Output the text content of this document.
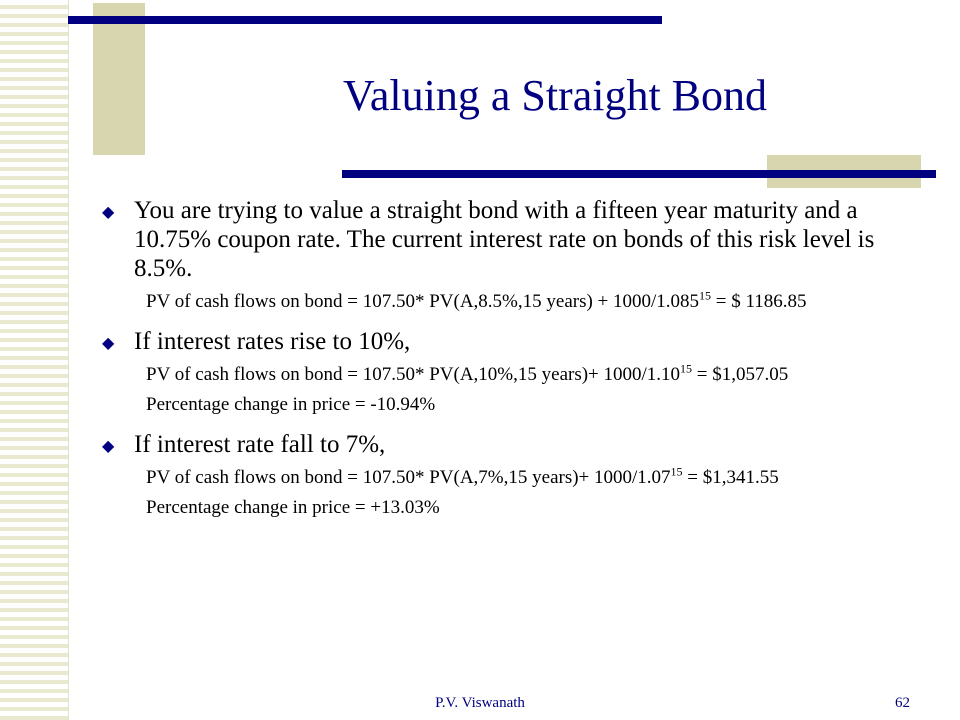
Valuing a Straight Bond
◆ You are trying to value a straight bond with a fifteen year maturity and a 10.75% coupon rate. The current interest rate on bonds of this risk level is 8.5%.
PV of cash flows on bond = 107.50* PV(A,8.5%,15 years) + $1000/1.085^{15}$ = $ 1186.85
◆ If interest rates rise to 10%,
PV of cash flows on bond = 107.50* PV(A,10%,15 years)+ $1000/1.10^{15}$ = $1,057.05
Percentage change in price = -10.94%
◆ If interest rate fall to 7%,
PV of cash flows on bond = 107.50* PV(A,7%,15 years)+ $1000/1.07^{15}$ = $1,341.55
Percentage change in price = +13.03%
P.V. Viswanath	62
